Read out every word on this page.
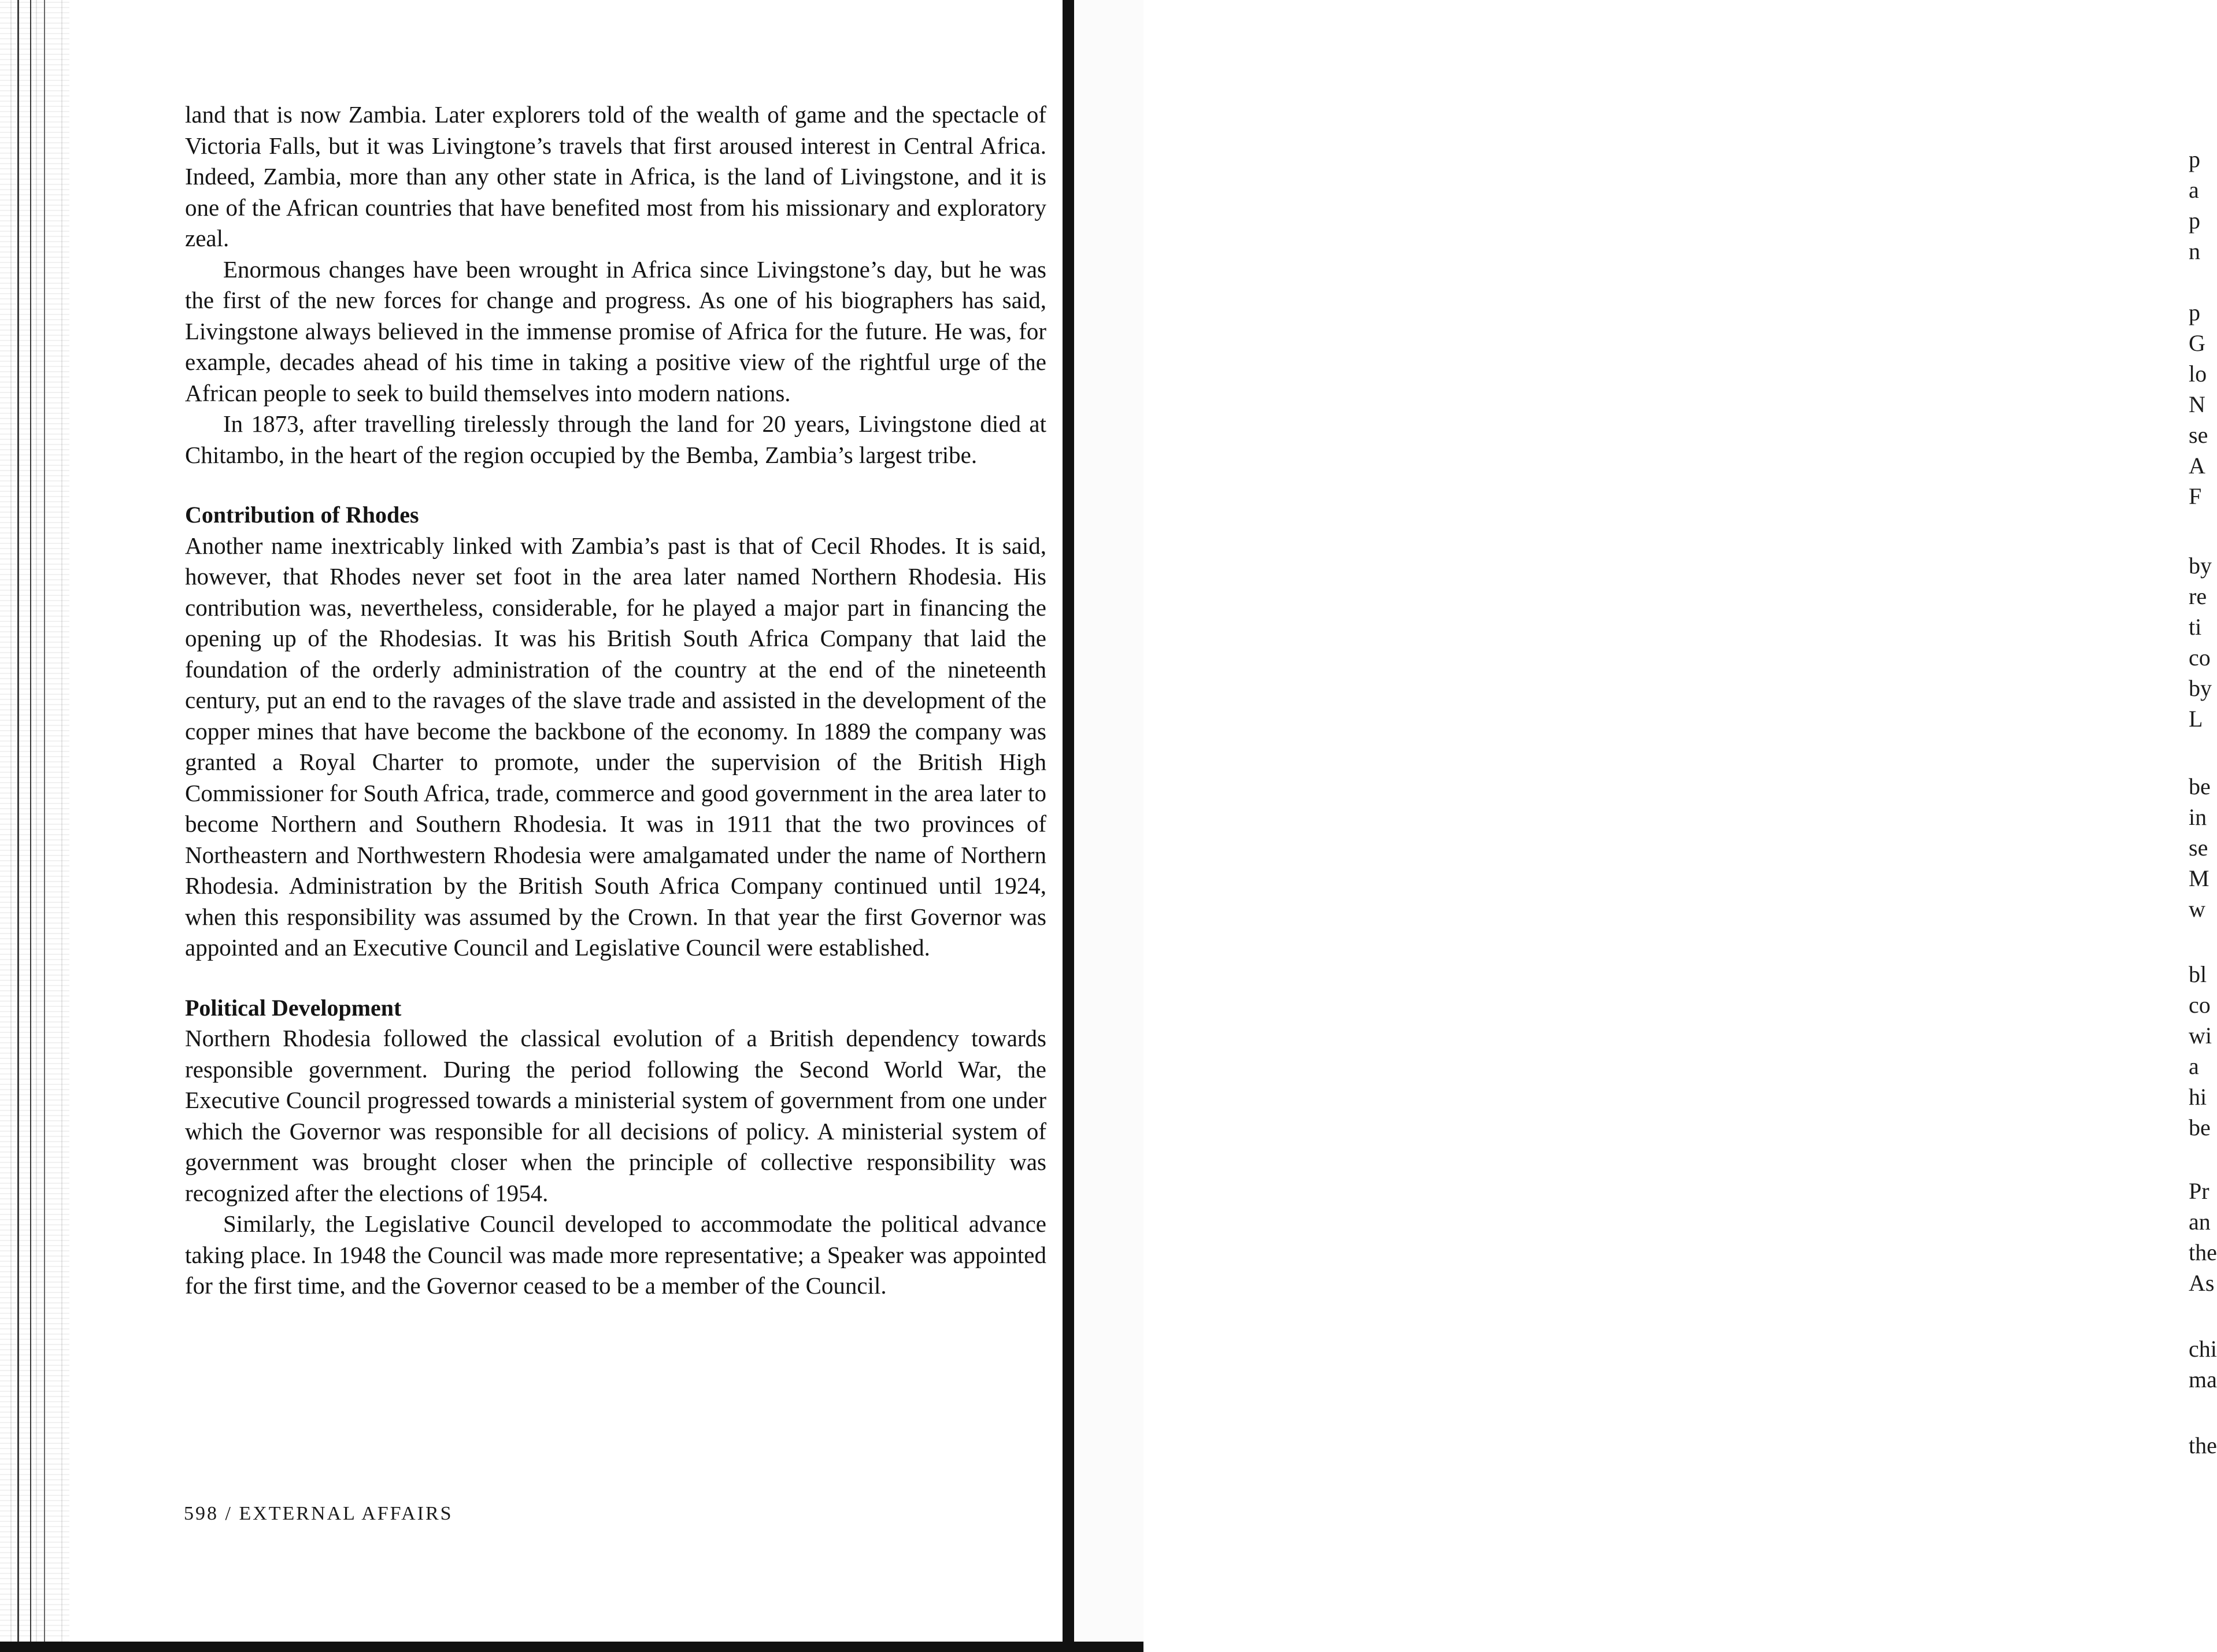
land that is now Zambia. Later explorers told of the wealth of game and the spectacle of Victoria Falls, but it was Livingtone’s travels that first aroused interest in Central Africa. Indeed, Zambia, more than any other state in Africa, is the land of Livingstone, and it is one of the African countries that have benefited most from his missionary and exploratory zeal.

Enormous changes have been wrought in Africa since Livingstone’s day, but he was the first of the new forces for change and progress. As one of his biographers has said, Livingstone always believed in the immense promise of Africa for the future. He was, for example, decades ahead of his time in taking a positive view of the rightful urge of the African people to seek to build themselves into modern nations.

In 1873, after travelling tirelessly through the land for 20 years, Livingstone died at Chitambo, in the heart of the region occupied by the Bemba, Zambia’s largest tribe.

Contribution of Rhodes

Another name inextricably linked with Zambia’s past is that of Cecil Rhodes. It is said, however, that Rhodes never set foot in the area later named Northern Rhodesia. His contribution was, nevertheless, considerable, for he played a major part in financing the opening up of the Rhodesias. It was his British South Africa Company that laid the foundation of the orderly administration of the country at the end of the nineteenth century, put an end to the ravages of the slave trade and assisted in the development of the copper mines that have become the backbone of the economy. In 1889 the company was granted a Royal Charter to promote, under the supervision of the British High Commissioner for South Africa, trade, commerce and good government in the area later to become Northern and Southern Rhodesia. It was in 1911 that the two provinces of Northeastern and Northwestern Rhodesia were amalgamated under the name of Northern Rhodesia. Administration by the British South Africa Company continued until 1924, when this responsibility was assumed by the Crown. In that year the first Governor was appointed and an Executive Council and Legislative Council were established.

Political Development

Northern Rhodesia followed the classical evolution of a British dependency towards responsible government. During the period following the Second World War, the Executive Council progressed towards a ministerial system of government from one under which the Governor was responsible for all decisions of policy. A ministerial system of government was brought closer when the principle of collective responsibility was recognized after the elections of 1954.

Similarly, the Legislative Council developed to accommodate the political advance taking place. In 1948 the Council was made more representative; a Speaker was appointed for the first time, and the Governor ceased to be a member of the Council.

598 / EXTERNAL AFFAIRS
p
a
p
n
p
G
lo
N
se
A
F
by
re
ti
co
by
L
be
in
se
M
w
bl
co
wi
a
hi
be
Pr
an
the
As
chi
ma
the
